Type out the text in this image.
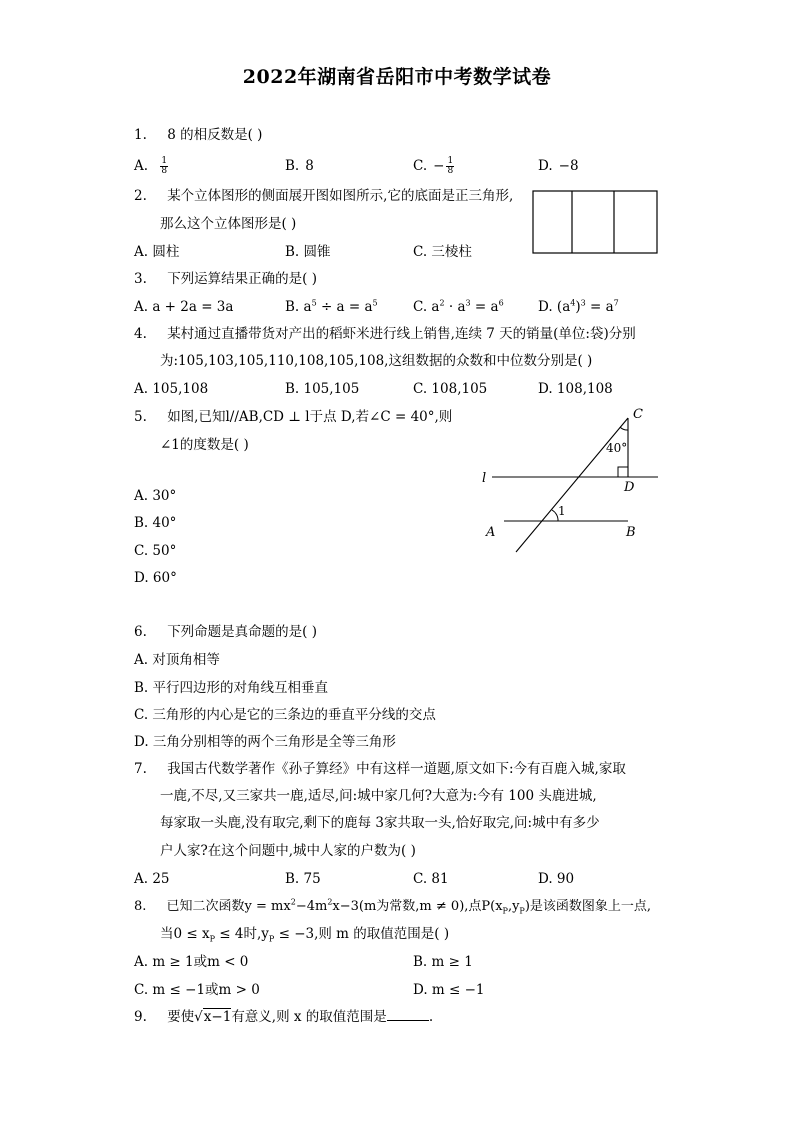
2022年湖南省岳阳市中考数学试卷
1. 8 的相反数是( )
A. $\frac{1}{8}$	B. 8	C. − $\frac{1}{8}$	D. −8
2. 某个立体图形的侧面展开图如图所示,它的底面是正三角形,
那么这个立体图形是( )
A. 圆柱	B. 圆锥	C. 三棱柱
3. 下列运算结果正确的是( )
A. a + 2a = 3a	B. $a^5 \div a = a^5$	C. $a^2 \cdot a^3 = a^6$	D. $(a^4)^3 = a^7$
4. 某村通过直播带货对产出的稻虾米进行线上销售,连续 7 天的销量(单位:袋)分别
为:105,103,105,110,108,105,108,这组数据的众数和中位数分别是( )
A. 105,108	B. 105,105	C. 108,105	D. 108,108
5. 如图,已知l//AB,CD ⊥ l于点 D,若∠C = 40°,则
∠1的度数是( )
A. 30°
B. 40°
C. 50°
D. 60°
C
D
l
A	B
40°
1
6. 下列命题是真命题的是( )
A. 对顶角相等
B. 平行四边形的对角线互相垂直
C. 三角形的内心是它的三条边的垂直平分线的交点
D. 三角分别相等的两个三角形是全等三角形
7. 我国古代数学著作《孙子算经》中有这样一道题,原文如下:今有百鹿入城,家取
一鹿,不尽,又三家共一鹿,适尽,问:城中家几何?大意为:今有 100 头鹿进城,
每家取一头鹿,没有取完,剩下的鹿每 3家共取一头,恰好取完,问:城中有多少
户人家?在这个问题中,城中人家的户数为( )
A. 25	B. 75	C. 81	D. 90
8. 已知二次函数$y = mx^2-4m^2x-3(m$为常数,m ≠ 0),点$P(x_P,y_P)$是该函数图象上一点,
当$0 \le x_P \le 4$时$,y_P \le -3$,则 m 的取值范围是( )
A. m ≥ 1或m < 0	B. m ≥ 1
C. m ≤ −1或m > 0	D. m ≤ −1
9. 要使√x−1有意义,则 x 的取值范围是	.
